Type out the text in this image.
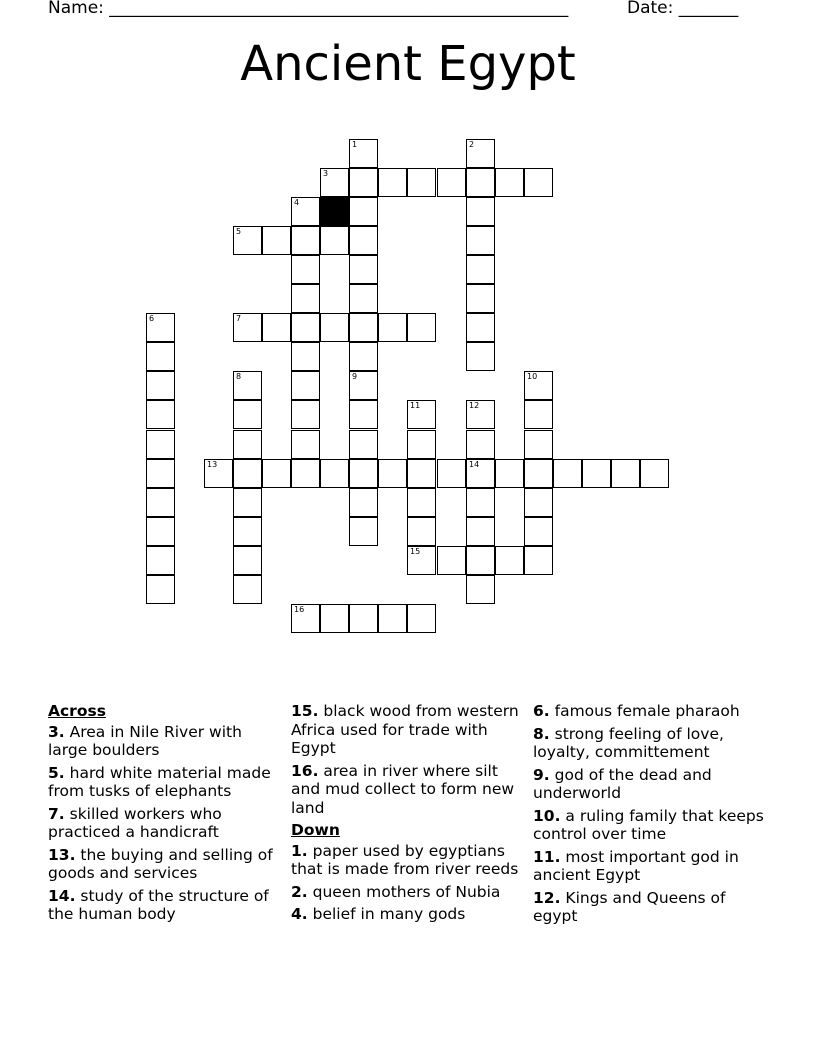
Name: ______________________________________________________	Date: _______
Ancient Egypt
1	2
3
4
5
6	7
8	9	10
11
15
12
14
13
16
Across
3. Area in Nile River with large boulders
5. hard white material made from tusks of elephants
7. skilled workers who practiced a handicraft
13. the buying and selling of goods and services
14. study of the structure of the human body
15. black wood from western Africa used for trade with Egypt
16. area in river where silt and mud collect to form new land
Down
1. paper used by egyptians that is made from river reeds
2. queen mothers of Nubia
4. belief in many gods
6. famous female pharaoh
8. strong feeling of love, loyalty, committement
9. god of the dead and underworld
10. a ruling family that keeps control over time
11. most important god in ancient Egypt
12. Kings and Queens of egypt
